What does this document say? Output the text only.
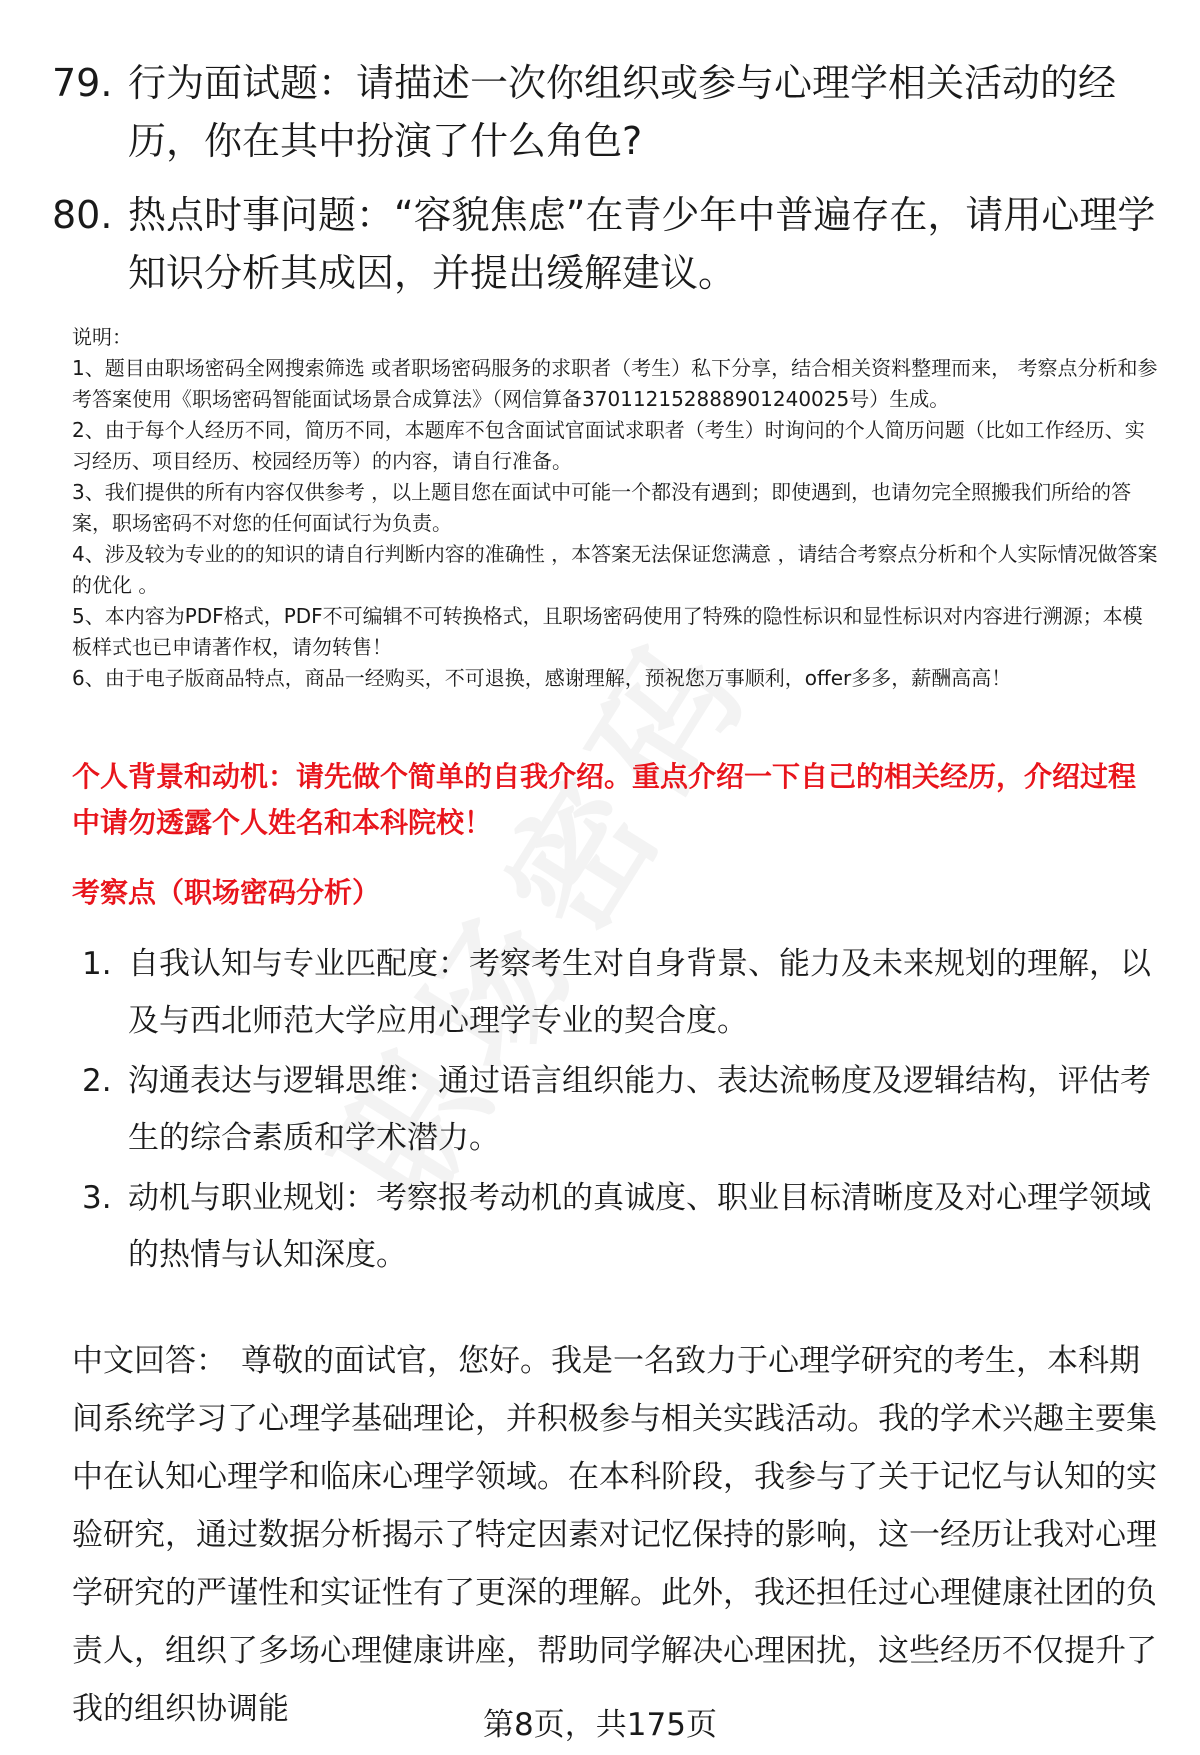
79. 行为面试题：请描述一次你组织或参与心理学相关活动的经历，你在其中扮演了什么角色?
80. 热点时事问题：“容貌焦虑”在青少年中普遍存在，请用心理学知识分析其成因，并提出缓解建议。

说明：

1、题目由职场密码全网搜索筛选 或者职场密码服务的求职者（考生）私下分享，结合相关资料整理而来， 考察点分析和参考答案使用《职场密码智能面试场景合成算法》（网信算备370112152888901240025号）生成。

2、由于每个人经历不同，简历不同，本题库不包含面试官面试求职者（考生）时询问的个人简历问题（比如工作经历、实习经历、项目经历、校园经历等）的内容，请自行准备。

3、我们提供的所有内容仅供参考 ，以上题目您在面试中可能一个都没有遇到；即使遇到，也请勿完全照搬我们所给的答案，职场密码不对您的任何面试行为负责。

4、涉及较为专业的的知识的请自行判断内容的准确性 ，本答案无法保证您满意 ，请结合考察点分析和个人实际情况做答案的优化 。

5、本内容为PDF格式，PDF不可编辑不可转换格式，且职场密码使用了特殊的隐性标识和显性标识对内容进行溯源；本模板样式也已申请著作权，请勿转售！

6、由于电子版商品特点，商品一经购买，不可退换，感谢理解，预祝您万事顺利，offer多多，薪酬高高！

个人背景和动机：请先做个简单的自我介绍。重点介绍一下自己的相关经历，介绍过程中请勿透露个人姓名和本科院校！
考察点（职场密码分析）
1. 自我认知与专业匹配度：考察考生对自身背景、能力及未来规划的理解，以及与西北师范大学应用心理学专业的契合度。
2. 沟通表达与逻辑思维：通过语言组织能力、表达流畅度及逻辑结构，评估考生的综合素质和学术潜力。
3. 动机与职业规划：考察报考动机的真诚度、职业目标清晰度及对心理学领域的热情与认知深度。
中文回答： 尊敬的面试官，您好。我是一名致力于心理学研究的考生，本科期间系统学习了心理学基础理论，并积极参与相关实践活动。我的学术兴趣主要集中在认知心理学和临床心理学领域。在本科阶段，我参与了关于记忆与认知的实验研究，通过数据分析揭示了特定因素对记忆保持的影响，这一经历让我对心理学研究的严谨性和实证性有了更深的理解。此外，我还担任过心理健康社团的负责人，组织了多场心理健康讲座，帮助同学解决心理困扰，这些经历不仅提升了我的组织协调能	第8页，共175页
